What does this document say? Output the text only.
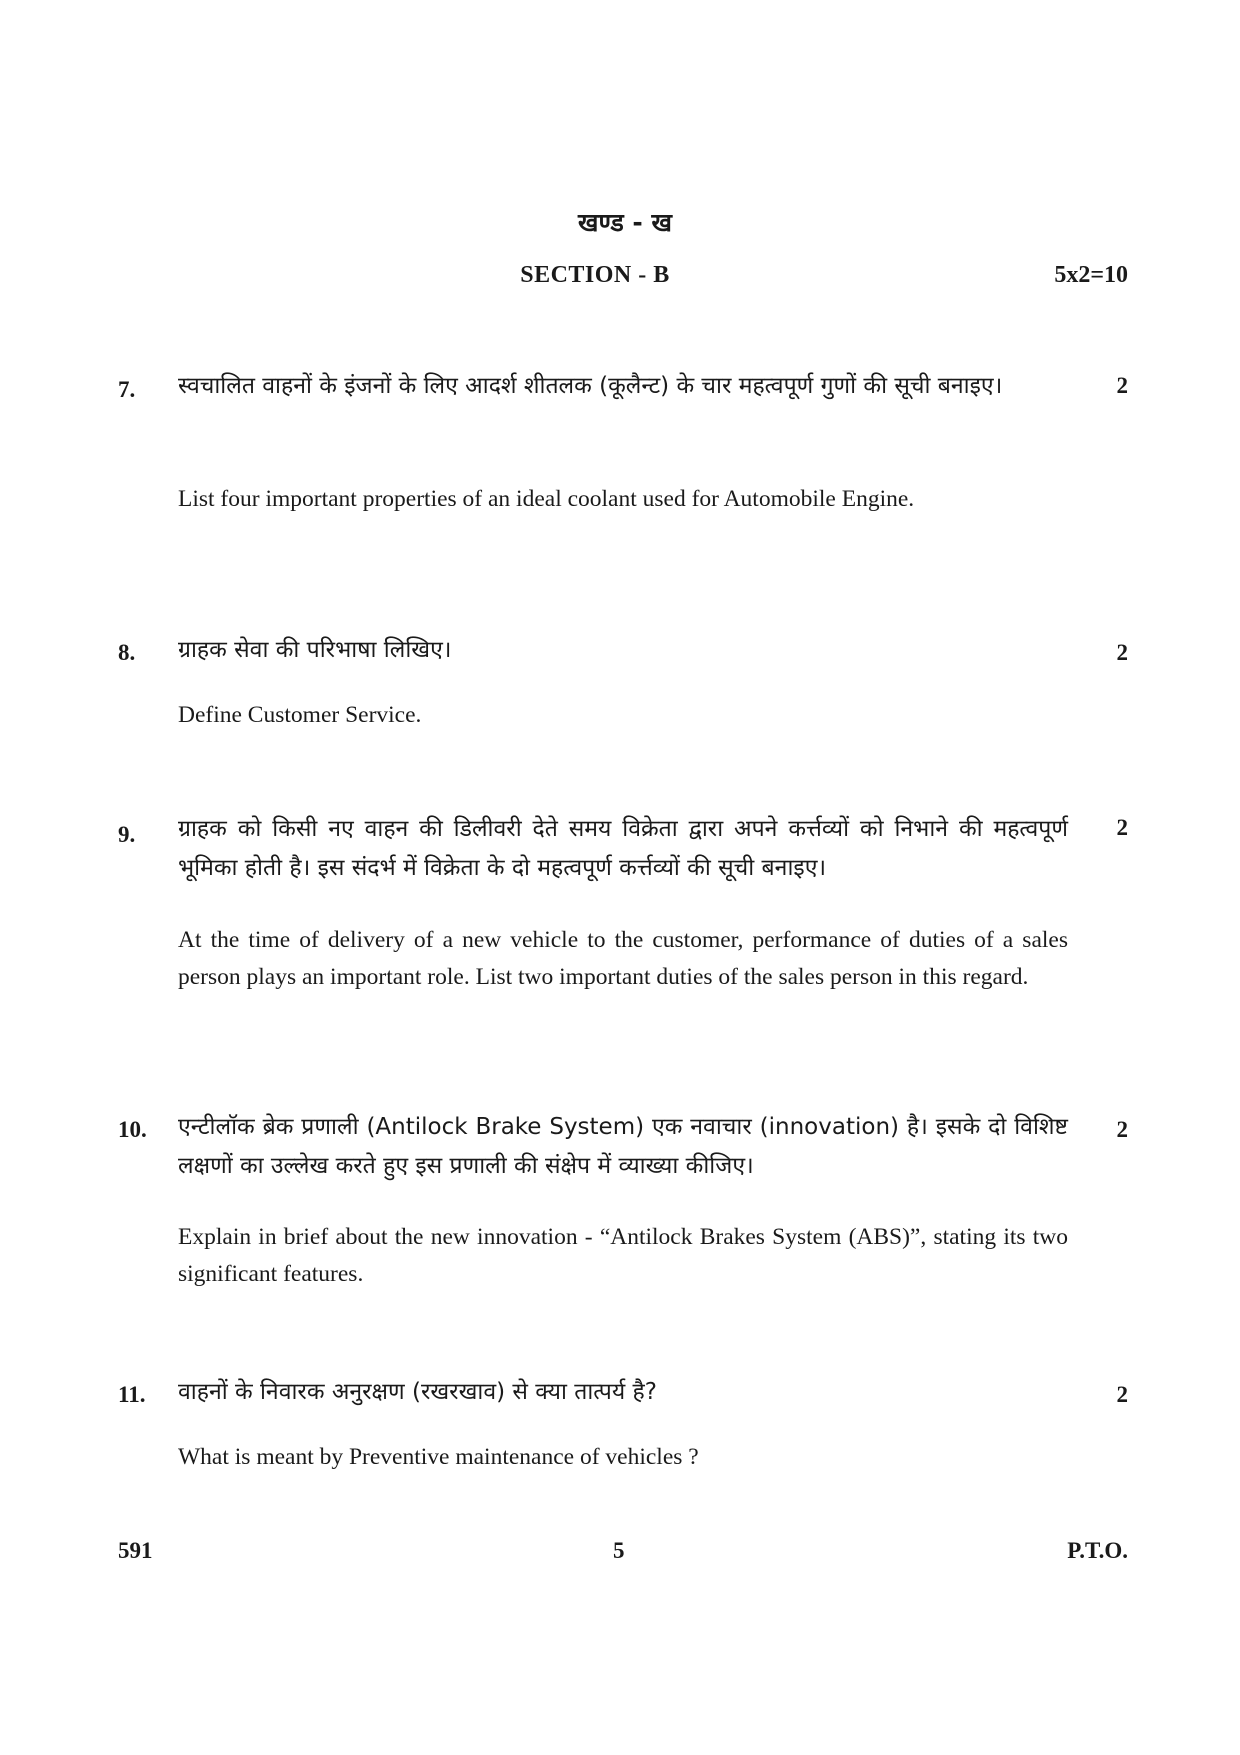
खण्ड - ख
SECTION - B	5x2=10
7.	2
स्वचालित वाहनों के इंजनों के लिए आदर्श शीतलक (कूलैन्ट) के चार महत्वपूर्ण गुणों की सूची बनाइए।
List four important properties of an ideal coolant used for Automobile Engine.
8.	2
ग्राहक सेवा की परिभाषा लिखिए।
Define Customer Service.
9.	2
ग्राहक को किसी नए वाहन की डिलीवरी देते समय विक्रेता द्वारा अपने कर्त्तव्यों को निभाने की महत्वपूर्ण भूमिका होती है। इस संदर्भ में विक्रेता के दो महत्वपूर्ण कर्त्तव्यों की सूची बनाइए।
At the time of delivery of a new vehicle to the customer, performance of duties of a sales person plays an important role. List two important duties of the sales person in this regard.
10.	2
एन्टीलॉक ब्रेक प्रणाली (Antilock Brake System) एक नवाचार (innovation) है। इसके दो विशिष्ट लक्षणों का उल्लेख करते हुए इस प्रणाली की संक्षेप में व्याख्या कीजिए।
Explain in brief about the new innovation - “Antilock Brakes System (ABS)”, stating its two significant features.
11.	2
वाहनों के निवारक अनुरक्षण (रखरखाव) से क्या तात्पर्य है?
What is meant by Preventive maintenance of vehicles ?
591	5	P.T.O.
